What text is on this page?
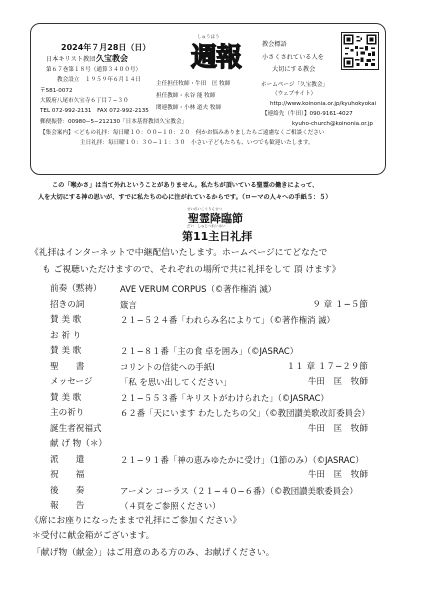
2024年７月28日（日）
日本キリスト教団 久宝教会
第６７巻第１８号（通算３４００号）
教会設立　１９５９年６月１４日
〒581-0072
大阪府八尾市久宝寺６丁目７−３０
TEL 072-992-2131　FAX 072-992-2135
郵便振替：00980−5−212130「日本基督教団久宝教会」
しゅうほう
週報
主任担任牧師・牛田　匡 牧師
担任教師・永谷 能 牧師
関連教師・小林 道夫 牧師
教会標語
小さくされている人を
大切にする教会
ホームページ「久宝教会」
（ウェブサイト）
http://www.koinonia.or.jp/kyuhokyokai
【連絡先（牛田）】090-9161-4027
kyuho-church@koinonia.or.jp
【集会案内】＜どもの礼拝：毎日曜１０：００−１０：２０　何かお悩みありましたらご遠慮なくご相談ください
主日礼拝：毎日曜１０：３０−１１：３０　小さい子どもたちも、いつでも歓迎いたします。
この「喉かさ」は当て外れということがありません。私たちが頂いている聖霊の働きによって、
人を大切にする神の思いが、すでに私たちの心に注がれているからです。（ローマの人々への手紙５：５）
せいれいこうりんせつ
聖霊降臨節
だい　しゅじつれいはい
第11主日礼拝
《礼拝はインターネットで中継配信いたします。ホームページにてどなたで
も ご視聴いただけますので、それぞれの場所で共に礼拝をして 頂 けます》
前奏（黙祷） AVE VERUM CORPUS（©著作権消 滅）
招きの詞	箴言	９ 章 １−５節
賛 美 歌	２１−５２４番「われらみ名によりて」（©著作権消 滅）
お 祈 り
賛 美 歌	２１−８１番「主の食 卓を囲み」（©JASRAC）
聖　　書	コリントの信徒への手紙Ⅰ	１１ 章 １７−２９節
メッセージ	「私 を思い出してください」	牛田　匡　牧師
賛 美 歌	２１−５５３番「キリストがわけられた」（©JASRAC）
主の祈り	６２番「天にいます わたしたちの父」（©教団讃美歌改訂委員会）
誕生者祝福式	牛田　匡　牧師
献 げ 物（＊）
派　　遣	２１−９１番「神の恵みゆたかに受け」（1節のみ）（©JASRAC）
祝　　福	牛田　匡　牧師
後　　奏	アーメン コーラス（２１−４０−６番）（©教団讃美歌委員会）
報　　告	（４頁をご参照ください）
《席にお座りになったままで礼拝にご参加ください》
＊受付に献金箱がございます。
「献げ物（献金）」はご用意のある方のみ、お献げください。
